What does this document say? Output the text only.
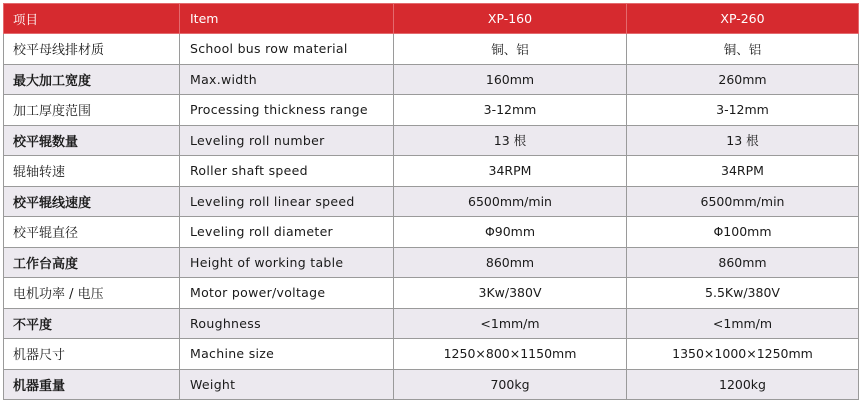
项目	Item	XP-160	XP-260
校平母线排材质	School bus row material	铜、铝	铜、铝
最大加工宽度	Max.width	160mm	260mm
加工厚度范围	Processing thickness range	3-12mm	3-12mm
校平辊数量	Leveling roll number	13 根	13 根
辊轴转速	Roller shaft speed	34RPM	34RPM
校平辊线速度	Leveling roll linear speed	6500mm/min	6500mm/min
校平辊直径	Leveling roll diameter	Φ90mm	Φ100mm
工作台高度	Height of working table	860mm	860mm
电机功率 / 电压	Motor power/voltage	3Kw/380V	5.5Kw/380V
不平度	Roughness	<1mm/m	<1mm/m
机器尺寸	Machine size	1250×800×1150mm	1350×1000×1250mm
机器重量	Weight	700kg	1200kg
